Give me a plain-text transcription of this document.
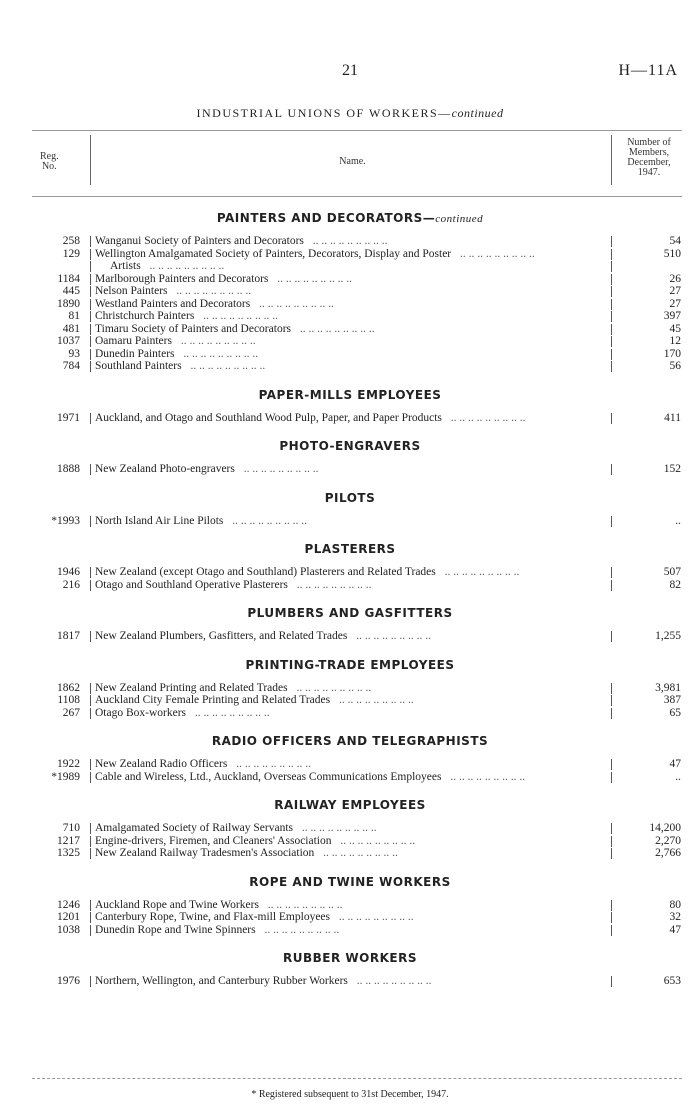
21	H—11A
INDUSTRIAL UNIONS OF WORKERS—continued
Reg.
No.	Name.
Number of
Members,
December,
1947.
PAINTERS AND DECORATORS—continued
258 Wanganui Society of Painters and Decorators .. .. .. .. .. .. .. .. ..	54
129 Wellington Amalgamated Society of Painters, Decorators, Display and Poster .. .. .. .. .. .. .. .. ..	510
Artists .. .. .. .. .. .. .. .. ..
1184 Marlborough Painters and Decorators .. .. .. .. .. .. .. .. ..	26
445 Nelson Painters .. .. .. .. .. .. .. .. ..	27
1890 Westland Painters and Decorators .. .. .. .. .. .. .. .. ..	27
81 Christchurch Painters .. .. .. .. .. .. .. .. ..	397
481 Timaru Society of Painters and Decorators .. .. .. .. .. .. .. .. ..	45
1037 Oamaru Painters .. .. .. .. .. .. .. .. ..	12
93 Dunedin Painters .. .. .. .. .. .. .. .. ..	170
784 Southland Painters .. .. .. .. .. .. .. .. ..	56
PAPER-MILLS EMPLOYEES
1971 Auckland, and Otago and Southland Wood Pulp, Paper, and Paper Products .. .. .. .. .. .. .. .. ..	411
PHOTO-ENGRAVERS
1888 New Zealand Photo-engravers .. .. .. .. .. .. .. .. ..	152
PILOTS
*1993 North Island Air Line Pilots .. .. .. .. .. .. .. .. ..	..
PLASTERERS
1946 New Zealand (except Otago and Southland) Plasterers and Related Trades .. .. .. .. .. .. .. .. ..	507
216 Otago and Southland Operative Plasterers .. .. .. .. .. .. .. .. ..	82
PLUMBERS AND GASFITTERS
1817 New Zealand Plumbers, Gasfitters, and Related Trades .. .. .. .. .. .. .. .. ..	1,255
PRINTING-TRADE EMPLOYEES
1862 New Zealand Printing and Related Trades .. .. .. .. .. .. .. .. ..	3,981
1108 Auckland City Female Printing and Related Trades .. .. .. .. .. .. .. .. ..	387
267 Otago Box-workers .. .. .. .. .. .. .. .. ..	65
RADIO OFFICERS AND TELEGRAPHISTS
1922 New Zealand Radio Officers .. .. .. .. .. .. .. .. ..	47
*1989 Cable and Wireless, Ltd., Auckland, Overseas Communications Employees .. .. .. .. .. .. .. .. ..	..
RAILWAY EMPLOYEES
710 Amalgamated Society of Railway Servants .. .. .. .. .. .. .. .. ..	14,200
1217 Engine-drivers, Firemen, and Cleaners' Association .. .. .. .. .. .. .. .. ..	2,270
1325 New Zealand Railway Tradesmen's Association .. .. .. .. .. .. .. .. ..	2,766
ROPE AND TWINE WORKERS
1246 Auckland Rope and Twine Workers .. .. .. .. .. .. .. .. ..	80
1201 Canterbury Rope, Twine, and Flax-mill Employees .. .. .. .. .. .. .. .. ..	32
1038 Dunedin Rope and Twine Spinners .. .. .. .. .. .. .. .. ..	47
RUBBER WORKERS
1976 Northern, Wellington, and Canterbury Rubber Workers .. .. .. .. .. .. .. .. ..	653
* Registered subsequent to 31st December, 1947.
